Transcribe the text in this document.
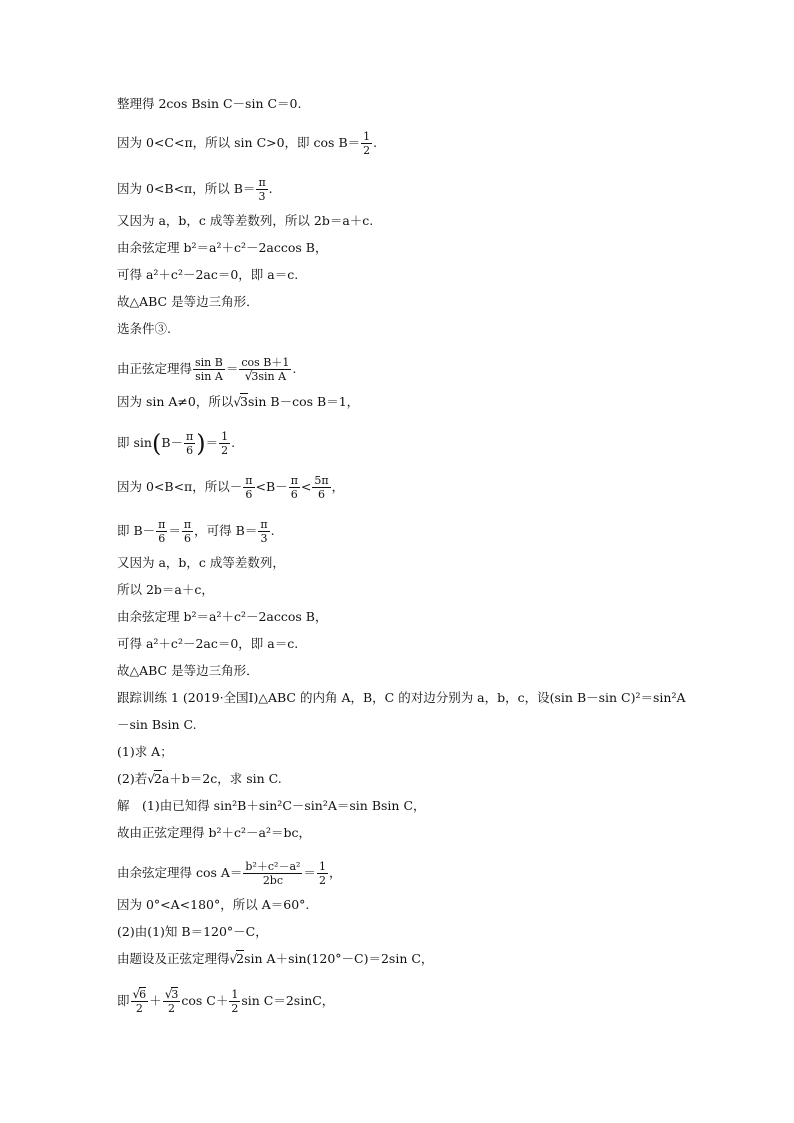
整理得 2cos Bsin C－sin C＝0.
因为 0<C<π，所以 sin C>0，即 $\cos B= \frac{1}{2}$ .
因为 0<B<π，所以 $B= \frac{\pi}{3}$ .
又因为 a，b，c 成等差数列，所以 2b＝a＋c.
由余弦定理 b²＝a²＋c²－2accos B，
可得 a²＋c²－2ac＝0，即 a＝c.
故△ABC 是等边三角形．
选条件③.
由正弦定理得 $\frac{\text{sin B}}{\text{sin A}} = \frac{\text{cos B＋1}}{\text{√3sin A}}$ .
因为 sin A≠0，所以√3sin B－cos B＝1，
即 $\sin(B- \frac{\pi}{6}$ )＝ $\frac{1}{2}$ .
因为 0<B<π，所以－ $\frac{\pi}{6} <B- \frac{\pi}{6} < \frac{5\pi}{6}$ ，
即 $B- \frac{\pi}{6} = \frac{\pi}{6}$ ，可得 $B= \frac{\pi}{3}$ .
又因为 a，b，c 成等差数列，
所以 2b＝a＋c，
由余弦定理 b²＝a²＋c²－2accos B，
可得 a²＋c²－2ac＝0，即 a＝c.
故△ABC 是等边三角形．
跟踪训练 1 (2019·全国Ⅰ)△ABC 的内角 A，B，C 的对边分别为 a，b，c，设(sin B－sin C)²＝sin²A
－sin Bsin C.
(1)求 A；
(2)若√2a＋b＝2c，求 sin C.
解　(1)由已知得 sin²B＋sin²C－sin²A＝sin Bsin C，
故由正弦定理得 b²＋c²－a²＝bc，
由余弦定理得 $\cos A= \frac{\text{b²＋c²－a²}}{2bc} = \frac{1}{2}$ ，
因为 0°<A<180°，所以 A＝60°.
(2)由(1)知 B＝120°－C，
由题设及正弦定理得√2sin A＋sin(120°－C)＝2sin C，
即 $\frac{√6}{2} + \frac{√3}{2}$ $\cos C+ \frac{1}{2}$ sin C＝2sinC，
